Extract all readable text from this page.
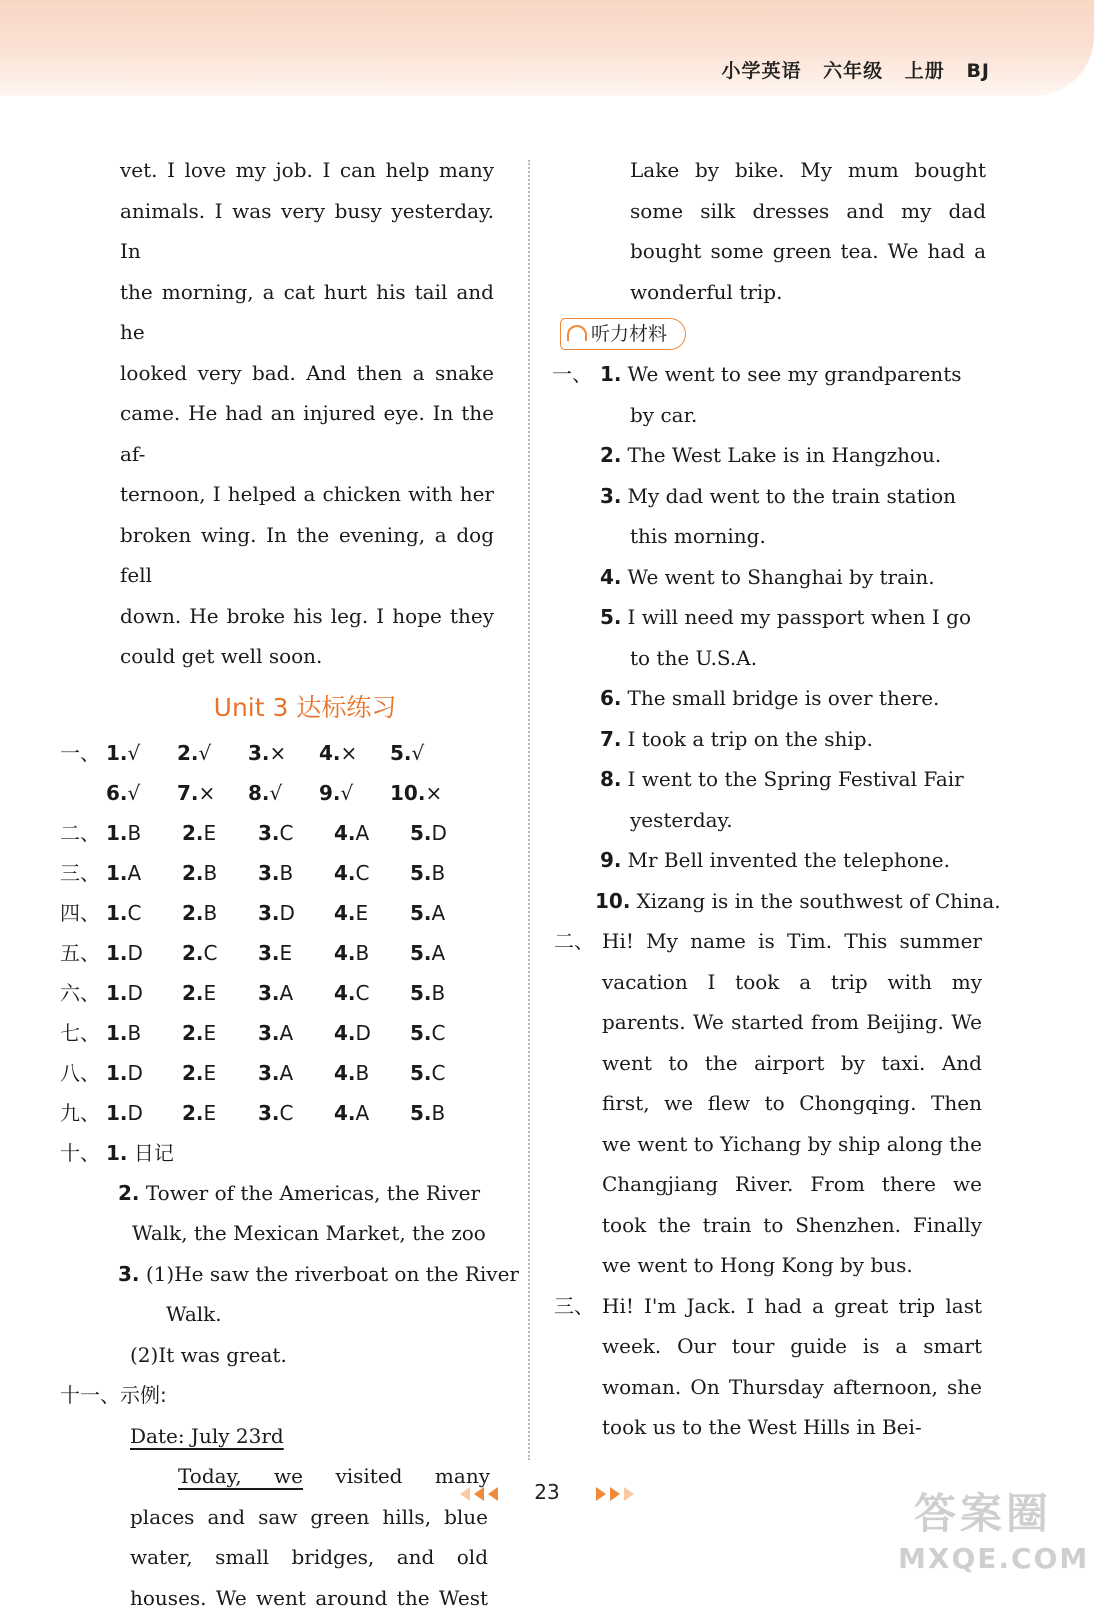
小学英语 六年级 上册 BJ
vet. I love my job. I can help many
animals. I was very busy yesterday. In
the morning, a cat hurt his tail and he
looked very bad. And then a snake
came. He had an injured eye. In the af-
ternoon, I helped a chicken with her
broken wing. In the evening, a dog fell
down. He broke his leg. I hope they
could get well soon.
Unit 3 达标练习
一、 1.√ 2.√ 3.× 4.× 5.√
6.√ 7.× 8.√ 9.√ 10.×
二、 1.B 2.E 3.C 4.A 5.D
三、 1.A 2.B 3.B 4.C 5.B
四、 1.C 2.B 3.D 4.E 5.A
五、 1.D 2.C 3.E 4.B 5.A
六、 1.D 2.E 3.A 4.C 5.B
七、 1.B 2.E 3.A 4.D 5.C
八、 1.D 2.E 3.A 4.B 5.C
九、 1.D 2.E 3.C 4.A 5.B
十、 1. 日记
2. Tower of the Americas, the River
Walk, the Mexican Market, the zoo
3. (1)He saw the riverboat on the River
Walk.
(2)It was great.
十一、示例:
Date: July 23rd
Today, we visited many
places and saw green hills, blue
water, small bridges, and old
houses. We went around the West
Lake by bike. My mum bought
some silk dresses and my dad
bought some green tea. We had a
wonderful trip.
听力材料
一、 1. We went to see my grandparents
by car.
2. The West Lake is in Hangzhou.
3. My dad went to the train station
this morning.
4. We went to Shanghai by train.
5. I will need my passport when I go
to the U.S.A.
6. The small bridge is over there.
7. I took a trip on the ship.
8. I went to the Spring Festival Fair
yesterday.
9. Mr Bell invented the telephone.
10. Xizang is in the southwest of China.
二、 Hi! My name is Tim. This summer
vacation I took a trip with my
parents. We started from Beijing. We
went to the airport by taxi. And
first, we flew to Chongqing. Then
we went to Yichang by ship along the
Changjiang River. From there we
took the train to Shenzhen. Finally
we went to Hong Kong by bus.
三、 Hi! I'm Jack. I had a great trip last
week. Our tour guide is a smart
woman. On Thursday afternoon, she
took us to the West Hills in Bei-
23	答案圈
MXQE.COM
